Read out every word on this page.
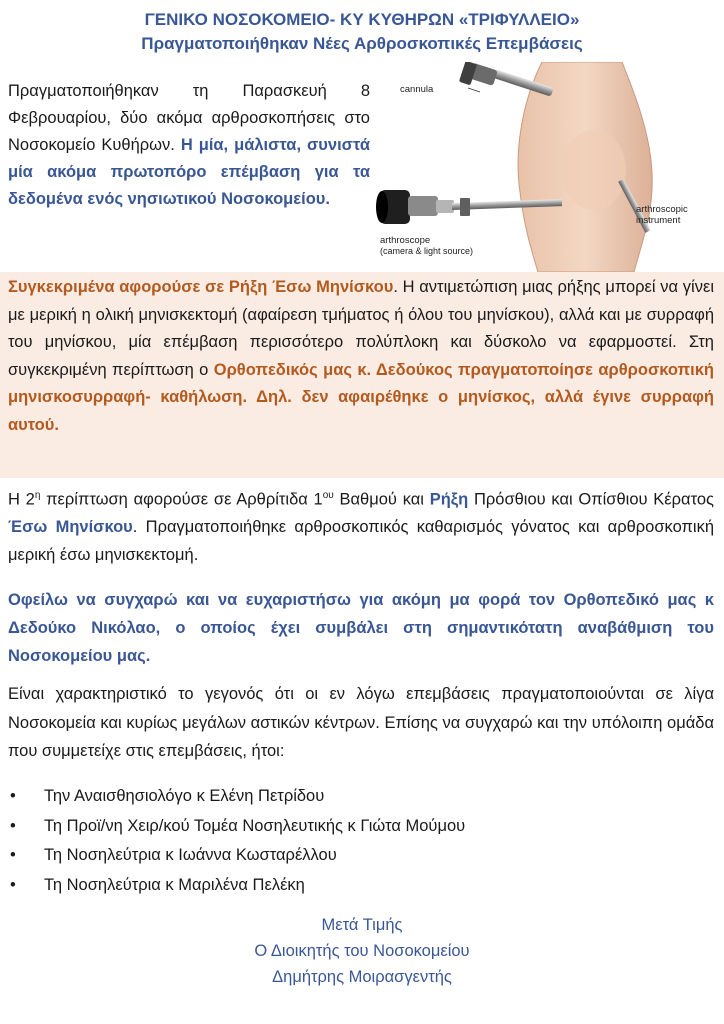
ΓΕΝΙΚΟ ΝΟΣΟΚΟΜΕΙΟ- ΚΥ ΚΥΘΗΡΩΝ «ΤΡΙΦΥΛΛΕΙΟ»
Πραγματοποιήθηκαν Νέες Αρθροσκοπικές Επεμβάσεις
Πραγματοποιήθηκαν τη Παρασκευή 8 Φεβρουαρίου, δύο ακόμα αρθροσκοπήσεις στο Νοσοκομείο Κυθήρων. Η μία, μάλιστα, συνιστά μία ακόμα πρωτοπόρο επέμβαση για τα δεδομένα ενός νησιωτικού Νοσοκομείου.
cannula
arthroscopic
instrument
arthroscope
(camera & light source)
Συγκεκριμένα αφορούσε σε Ρήξη Έσω Μηνίσκου. Η αντιμετώπιση μιας ρήξης μπορεί να γίνει με μερική η ολική μηνισκεκτομή (αφαίρεση τμήματος ή όλου του μηνίσκου), αλλά και με συρραφή του μηνίσκου, μία επέμβαση περισσότερο πολύπλοκη και δύσκολο να εφαρμοστεί. Στη συγκεκριμένη περίπτωση ο Ορθοπεδικός μας κ. Δεδούκος πραγματοποίησε αρθροσκοπική μηνισκοσυρραφή- καθήλωση. Δηλ. δεν αφαιρέθηκε ο μηνίσκος, αλλά έγινε συρραφή αυτού.
Η $2^\eta$ περίπτωση αφορούσε σε Αρθρίτιδα $1^{o\upsilon}$ Βαθμού και Ρήξη Πρόσθιου και Οπίσθιου Κέρατος Έσω Μηνίσκου. Πραγματοποιήθηκε αρθροσκοπικός καθαρισμός γόνατος και αρθροσκοπική μερική έσω μηνισκεκτομή.
Οφείλω να συγχαρώ και να ευχαριστήσω για ακόμη μα φορά τον Ορθοπεδικό μας κ Δεδούκο Νικόλαο, ο οποίος έχει συμβάλει στη σημαντικότατη αναβάθμιση του Νοσοκομείου μας.
Είναι χαρακτηριστικό το γεγονός ότι οι εν λόγω επεμβάσεις πραγματοποιούνται σε λίγα Νοσοκομεία και κυρίως μεγάλων αστικών κέντρων. Επίσης να συγχαρώ και την υπόλοιπη ομάδα που συμμετείχε στις επεμβάσεις, ήτοι:
• Την Αναισθησιολόγο κ Ελένη Πετρίδου
• Τη Προϊ/νη Χειρ/κού Τομέα Νοσηλευτικής κ Γιώτα Μούμου
• Τη Νοσηλεύτρια κ Ιωάννα Κωσταρέλλου
• Τη Νοσηλεύτρια κ Μαριλένα Πελέκη
Μετά Τιμής
Ο Διοικητής του Νοσοκομείου
Δημήτρης Μοιρασγεντής
